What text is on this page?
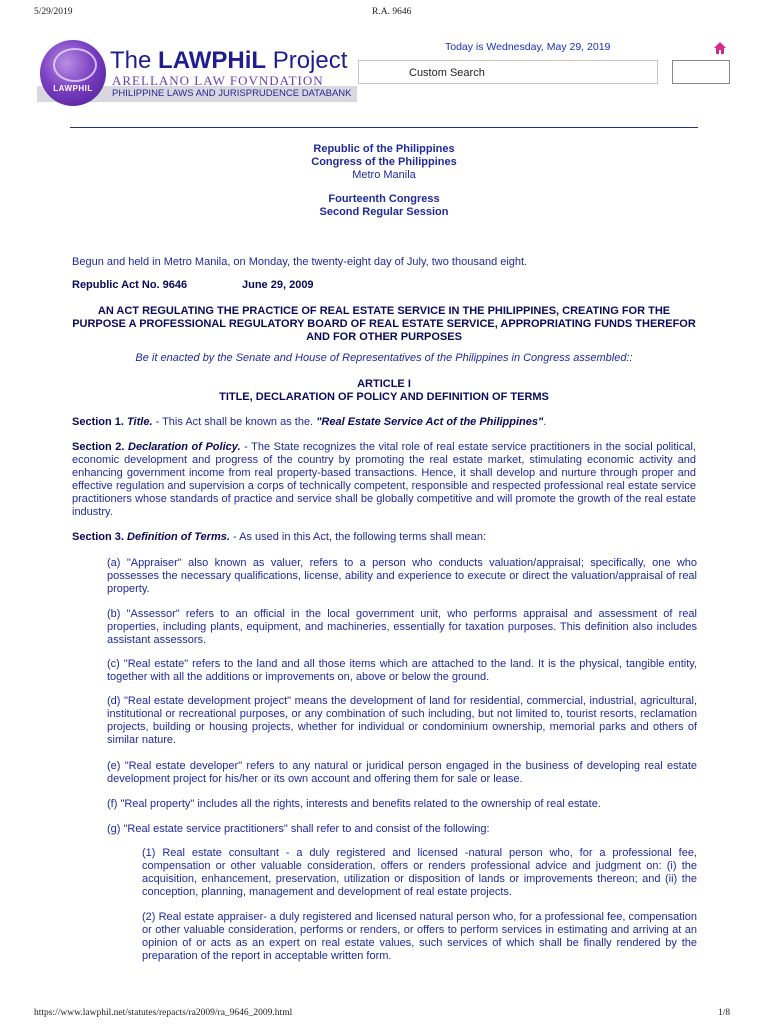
5/29/2019	R.A. 9646
LAWPHIL
The LAWPHiL Project
ARELLANO LAW FOVNDATION
PHILIPPINE LAWS AND JURISPRUDENCE DATABANK
Today is Wednesday, May 29, 2019
Custom Search
Republic of the Philippines
Congress of the Philippines
Metro Manila
Fourteenth Congress
Second Regular Session
Begun and held in Metro Manila, on Monday, the twenty-eight day of July, two thousand eight.
Republic Act No. 9646	June 29, 2009
AN ACT REGULATING THE PRACTICE OF REAL ESTATE SERVICE IN THE PHILIPPINES, CREATING FOR THE PURPOSE A PROFESSIONAL REGULATORY BOARD OF REAL ESTATE SERVICE, APPROPRIATING FUNDS THEREFOR AND FOR OTHER PURPOSES
Be it enacted by the Senate and House of Representatives of the Philippines in Congress assembled::
ARTICLE I
TITLE, DECLARATION OF POLICY AND DEFINITION OF TERMS
Section 1. Title. - This Act shall be known as the. "Real Estate Service Act of the Philippines".
Section 2. Declaration of Policy. - The State recognizes the vital role of real estate service practitioners in the social political, economic development and progress of the country by promoting the real estate market, stimulating economic activity and enhancing government income from real property-based transactions. Hence, it shall develop and nurture through proper and effective regulation and supervision a corps of technically competent, responsible and respected professional real estate service practitioners whose standards of practice and service shall be globally competitive and will promote the growth of the real estate industry.
Section 3. Definition of Terms. - As used in this Act, the following terms shall mean:
(a) "Appraiser" also known as valuer, refers to a person who conducts valuation/appraisal; specifically, one who possesses the necessary qualifications, license, ability and experience to execute or direct the valuation/appraisal of real property.
(b) "Assessor" refers to an official in the local government unit, who performs appraisal and assessment of real properties, including plants, equipment, and machineries, essentially for taxation purposes. This definition also includes assistant assessors.
(c) "Real estate" refers to the land and all those items which are attached to the land. It is the physical, tangible entity, together with all the additions or improvements on, above or below the ground.
(d) "Real estate development project" means the development of land for residential, commercial, industrial, agricultural, institutional or recreational purposes, or any combination of such including, but not limited to, tourist resorts, reclamation projects, building or housing projects, whether for individual or condominium ownership, memorial parks and others of similar nature.
(e) "Real estate developer" refers to any natural or juridical person engaged in the business of developing real estate development project for his/her or its own account and offering them for sale or lease.
(f) "Real property" includes all the rights, interests and benefits related to the ownership of real estate.
(g) "Real estate service practitioners" shall refer to and consist of the following:
(1) Real estate consultant - a duly registered and licensed -natural person who, for a professional fee, compensation or other valuable consideration, offers or renders professional advice and judgment on: (i) the acquisition, enhancement, preservation, utilization or disposition of lands or improvements thereon; and (ii) the conception, planning, management and development of real estate projects.
(2) Real estate appraiser- a duly registered and licensed natural person who, for a professional fee, compensation or other valuable consideration, performs or renders, or offers to perform services in estimating and arriving at an opinion of or acts as an expert on real estate values, such services of which shall be finally rendered by the preparation of the report in acceptable written form.
https://www.lawphil.net/statutes/repacts/ra2009/ra_9646_2009.html	1/8
